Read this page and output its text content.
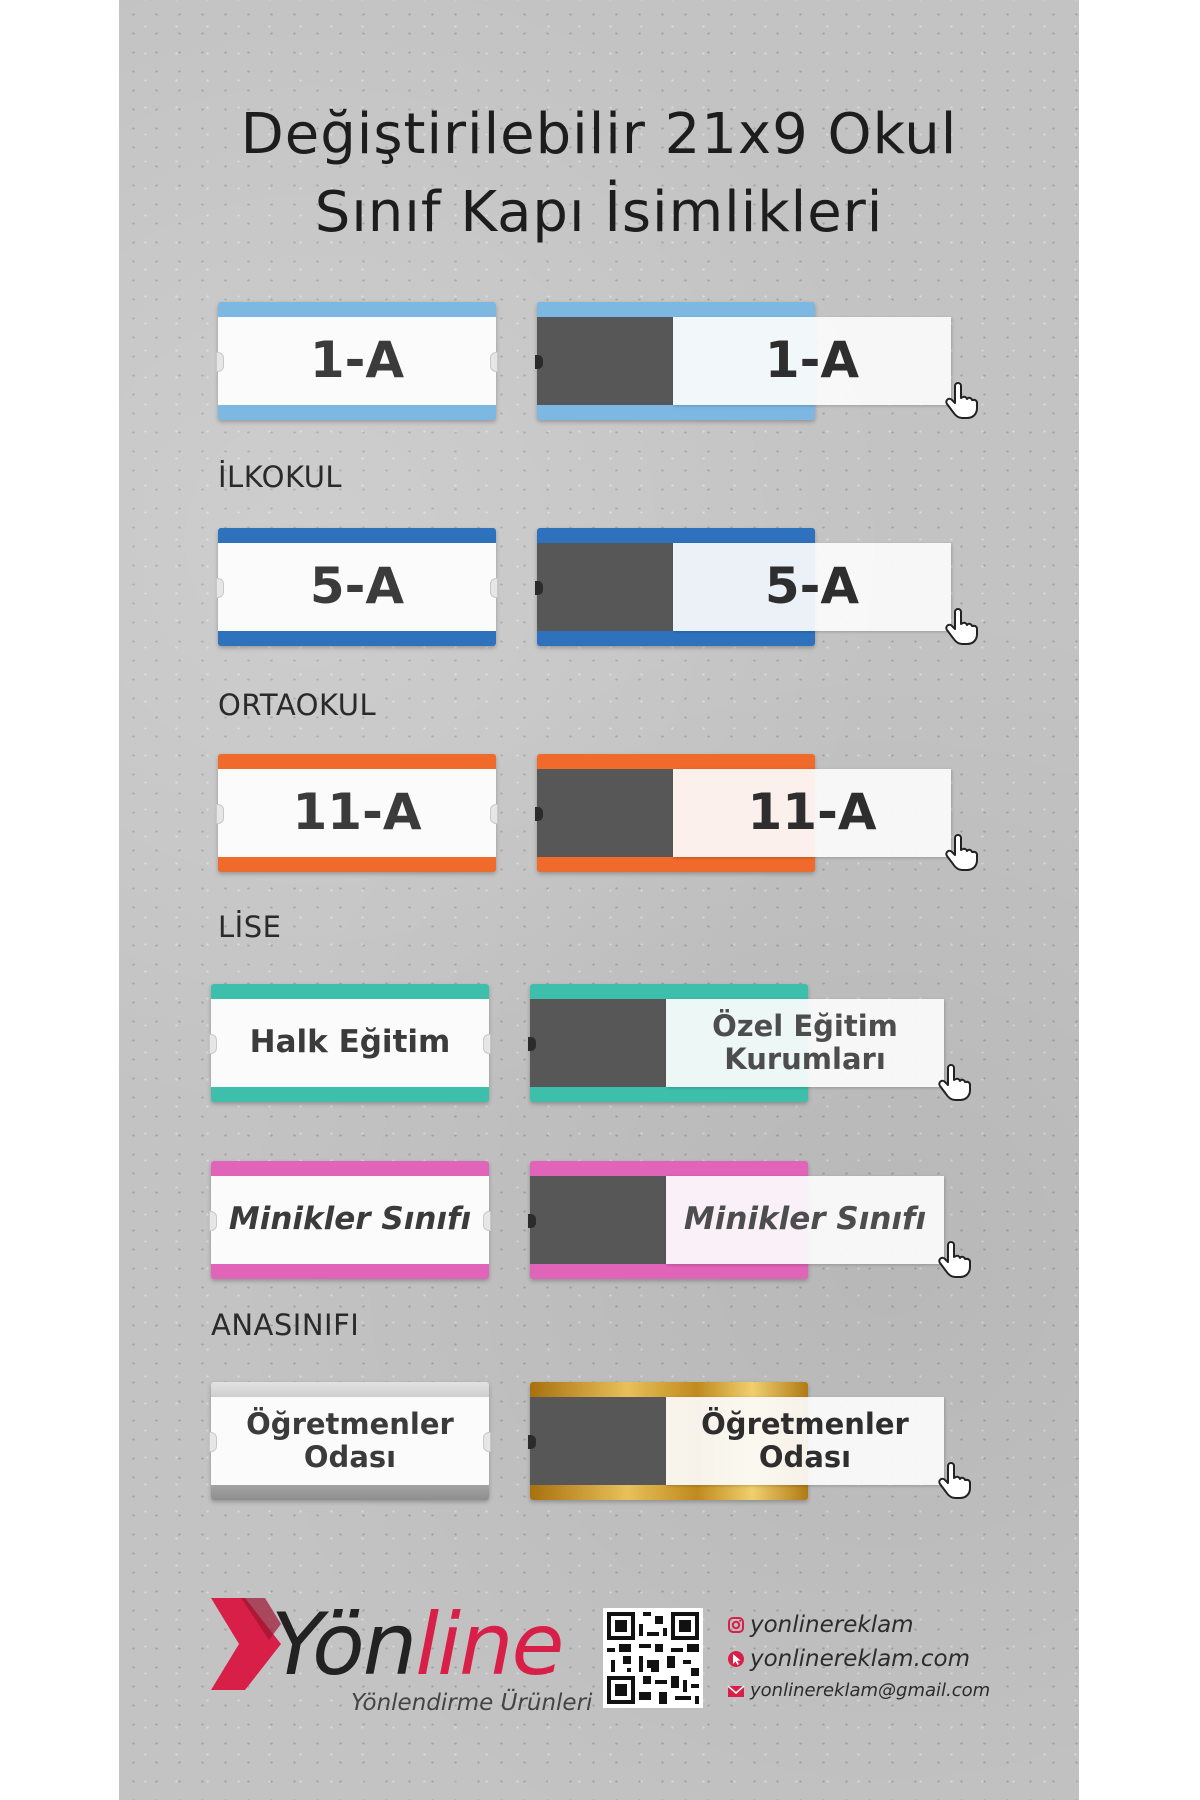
Değiştirilebilir 21x9 Okul
Sınıf Kapı İsimlikleri
1-A	1-A
İLKOKUL
5-A	5-A
ORTAOKUL
11-A	11-A
LİSE
Halk Eğitim	Özel Eğitim
Kurumları
Minikler Sınıfı	Minikler Sınıfı
ANASINIFI
Öğretmenler
Odası
Öğretmenler
Odası
Yönline
Yönlendirme Ürünleri
yonlinereklam
yonlinereklam.com
yonlinereklam@gmail.com
